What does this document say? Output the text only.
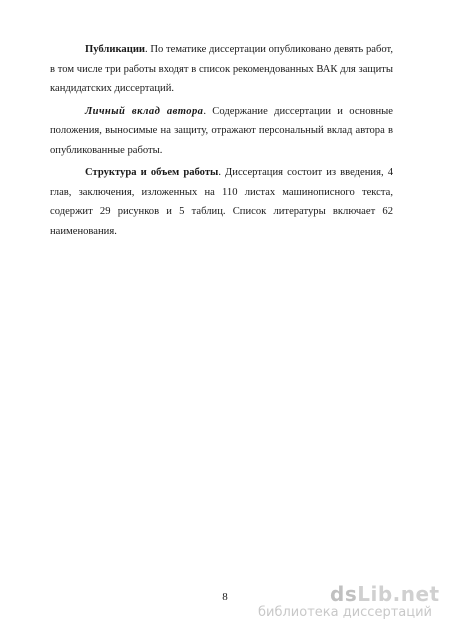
Публикации. По тематике диссертации опубликовано девять работ, в том числе три работы входят в список рекомендованных ВАК для защиты кандидатских диссертаций.

Личный вклад автора. Содержание диссертации и основные положения, выносимые на защиту, отражают персональный вклад автора в опубликованные работы.

Структура и объем работы. Диссертация состоит из введения, 4 глав, заключения, изложенных на 110 листах машинописного текста, содержит 29 рисунков и 5 таблиц. Список литературы включает 62 наименования.

8	dsLib.net
библиотека диссертаций
